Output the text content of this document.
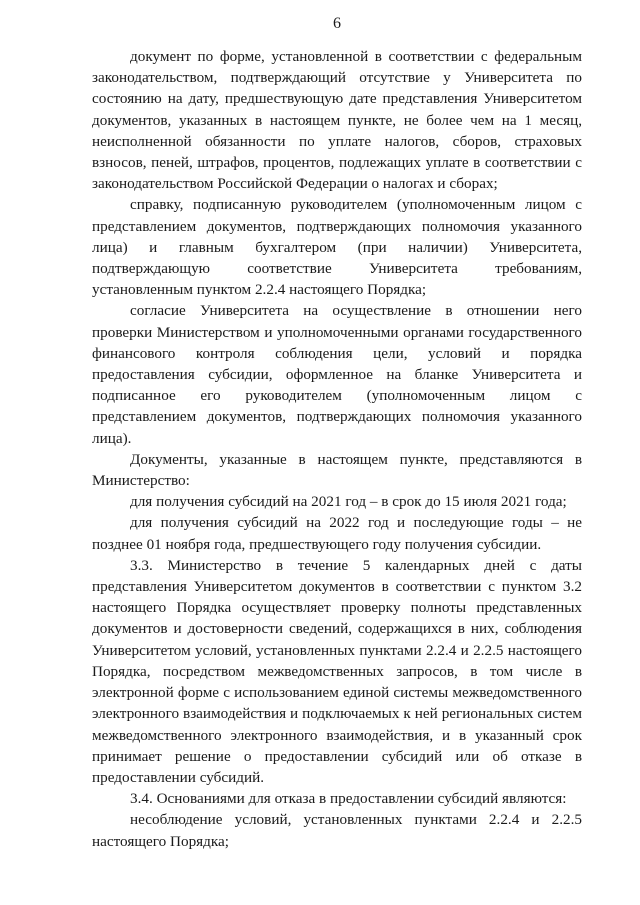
6

документ по форме, установленной в соответствии с федеральным законодательством, подтверждающий отсутствие у Университета по состоянию на дату, предшествующую дате представления Университетом документов, указанных в настоящем пункте, не более чем на 1 месяц, неисполненной обязанности по уплате налогов, сборов, страховых взносов, пеней, штрафов, процентов, подлежащих уплате в соответствии с законодательством Российской Федерации о налогах и сборах;

справку, подписанную руководителем (уполномоченным лицом с представлением документов, подтверждающих полномочия указанного лица) и главным бухгалтером (при наличии) Университета, подтверждающую соответствие Университета требованиям, установленным пунктом 2.2.4 настоящего Порядка;

согласие Университета на осуществление в отношении него проверки Министерством и уполномоченными органами государственного финансового контроля соблюдения цели, условий и порядка предоставления субсидии, оформленное на бланке Университета и подписанное его руководителем (уполномоченным лицом с представлением документов, подтверждающих полномочия указанного лица).

Документы, указанные в настоящем пункте, представляются в Министерство:

для получения субсидий на 2021 год – в срок до 15 июля 2021 года;

для получения субсидий на 2022 год и последующие годы – не позднее 01 ноября года, предшествующего году получения субсидии.

3.3. Министерство в течение 5 календарных дней с даты представления Университетом документов в соответствии с пунктом 3.2 настоящего Порядка осуществляет проверку полноты представленных документов и достоверности сведений, содержащихся в них, соблюдения Университетом условий, установленных пунктами 2.2.4 и 2.2.5 настоящего Порядка, посредством межведомственных запросов, в том числе в электронной форме с использованием единой системы межведомственного электронного взаимодействия и подключаемых к ней региональных систем межведомственного электронного взаимодействия, и в указанный срок принимает решение о предоставлении субсидий или об отказе в предоставлении субсидий.

3.4. Основаниями для отказа в предоставлении субсидий являются:

несоблюдение условий, установленных пунктами 2.2.4 и 2.2.5 настоящего Порядка;
